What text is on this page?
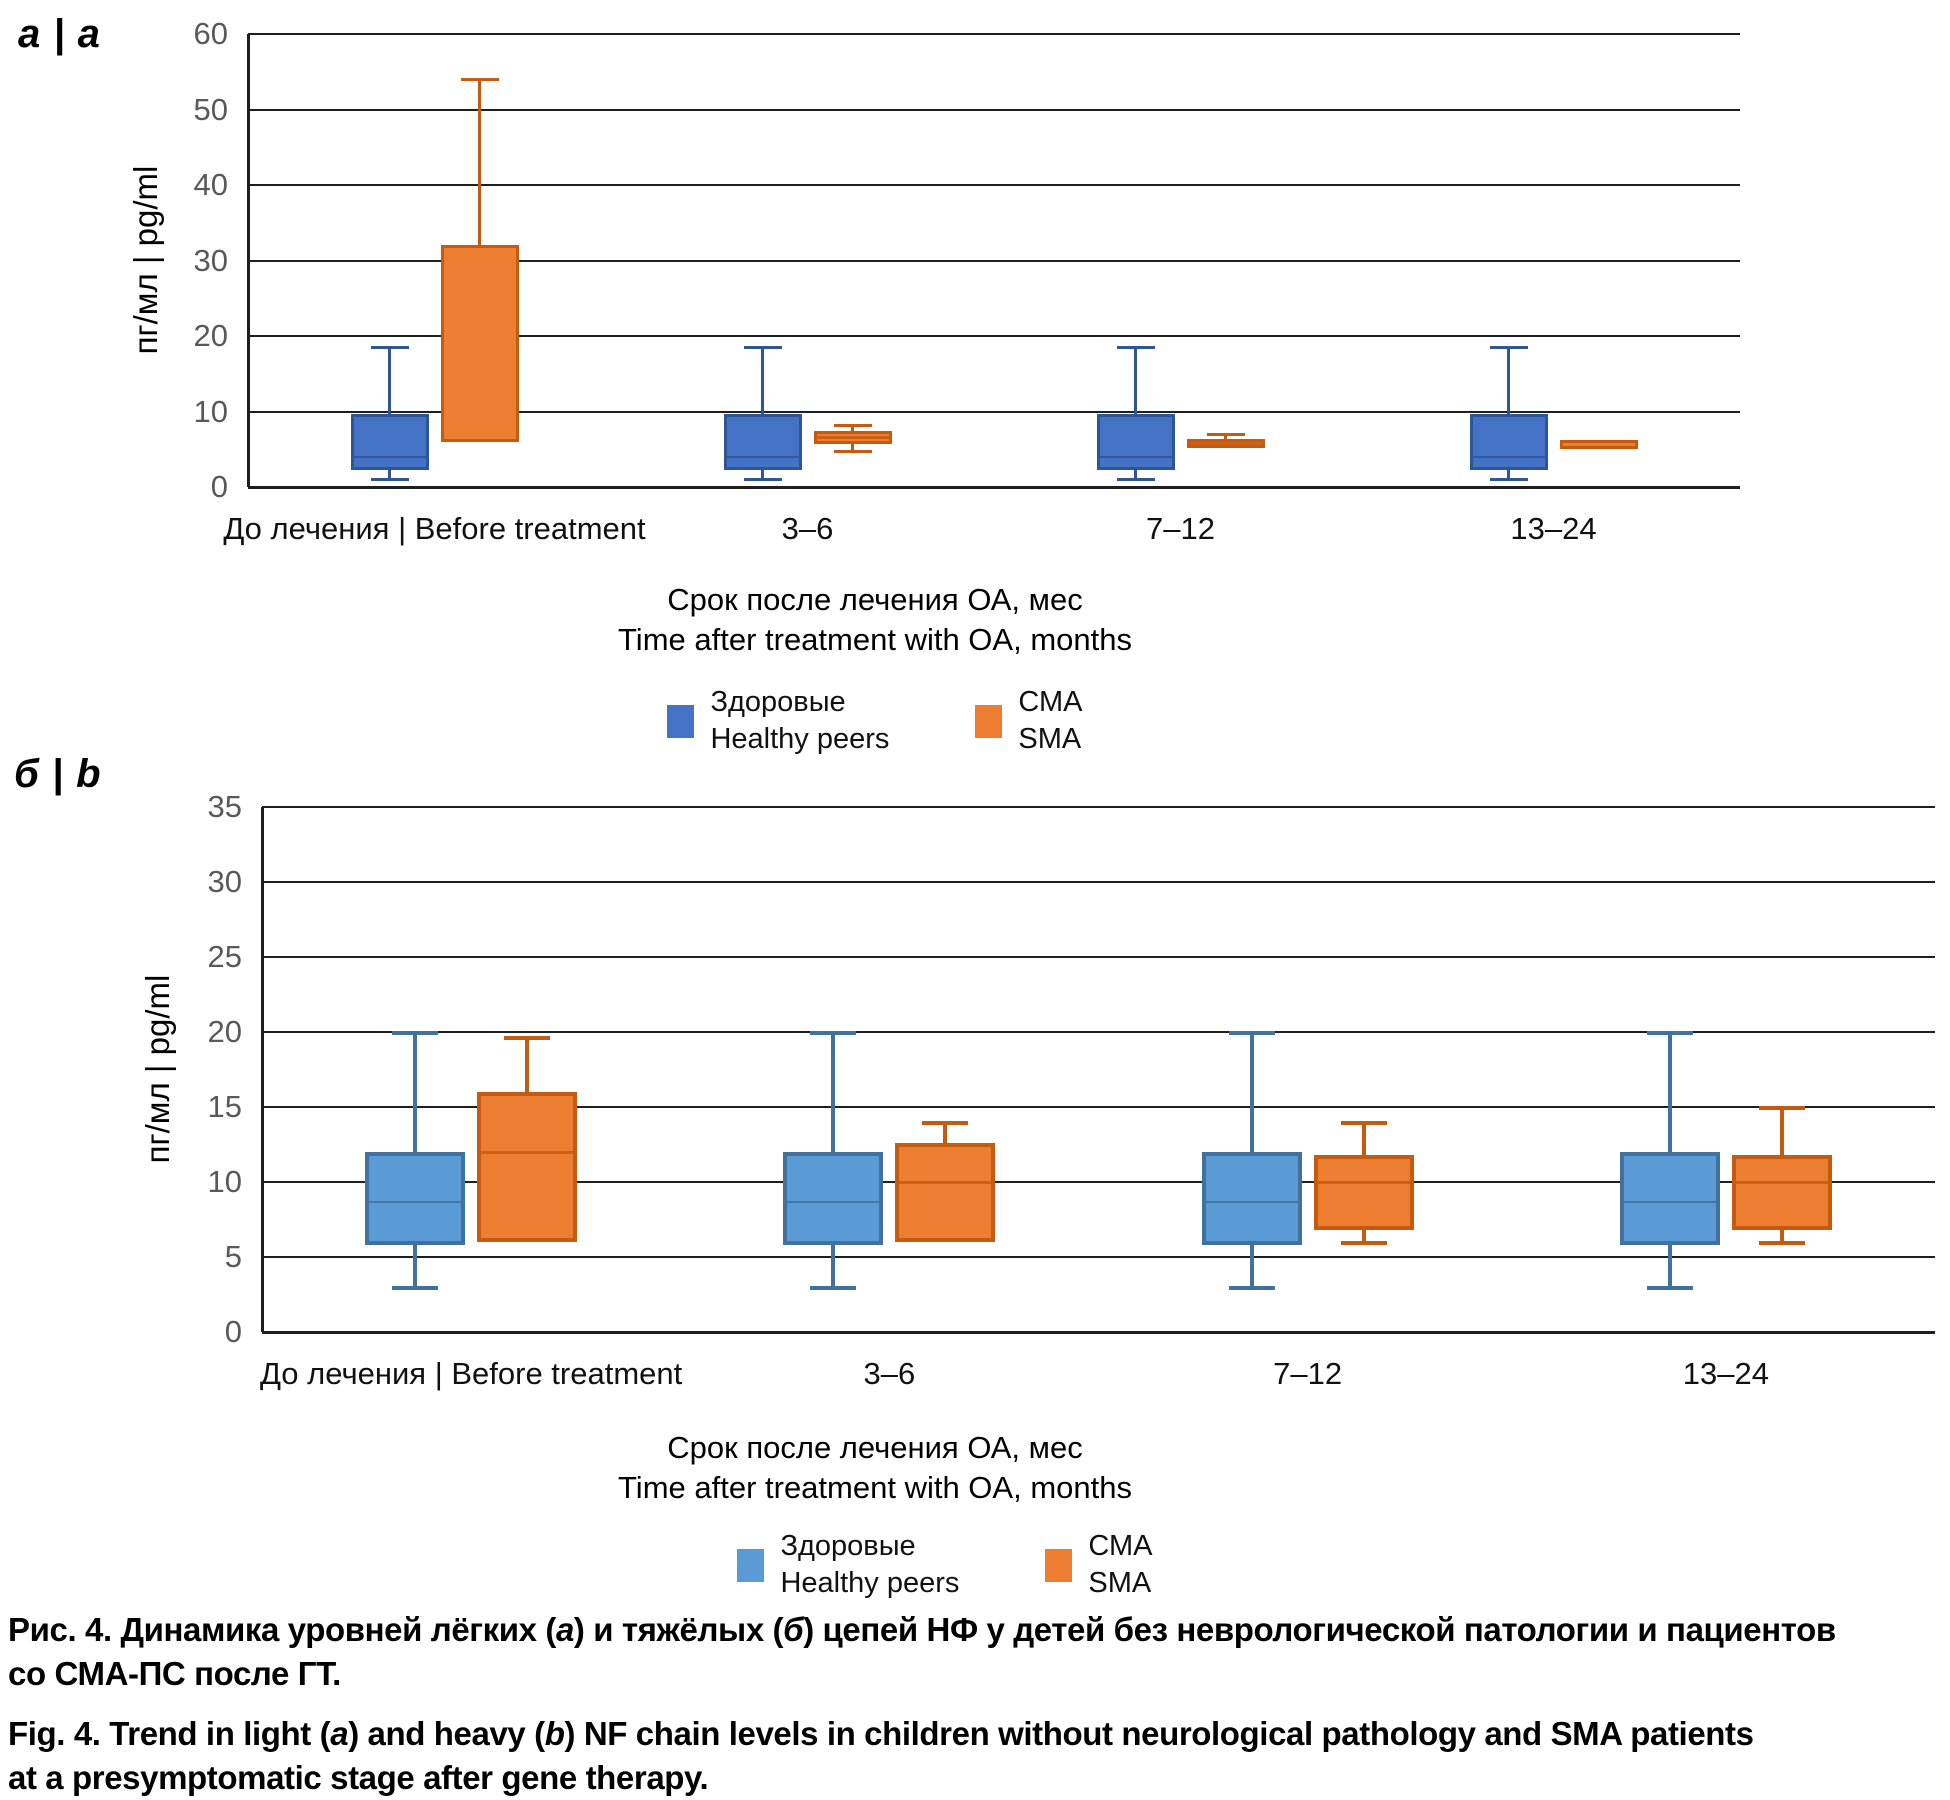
а | a
0
10
20
30
40
50
60
До лечения | Before treatment	3–6	7–12	13–24
пг/мл | pg/ml
Срок после лечения ОА, мес
Time after treatment with OA, months
Здоровые
Healthy peers
СМА
SMA
б | b
0
5
10
15
20
25
30
35
До лечения | Before treatment	3–6	7–12	13–24
пг/мл | pg/ml
Срок после лечения ОА, мес
Time after treatment with OA, months
Здоровые
Healthy peers
СМА
SMA

Рис. 4. Динамика уровней лёгких (а) и тяжёлых (б) цепей НФ у детей без неврологической патологии и пациентов
со СМА-ПС после ГТ.

Fig. 4. Trend in light (a) and heavy (b) NF chain levels in children without neurological pathology and SMA patients
at a presymptomatic stage after gene therapy.
